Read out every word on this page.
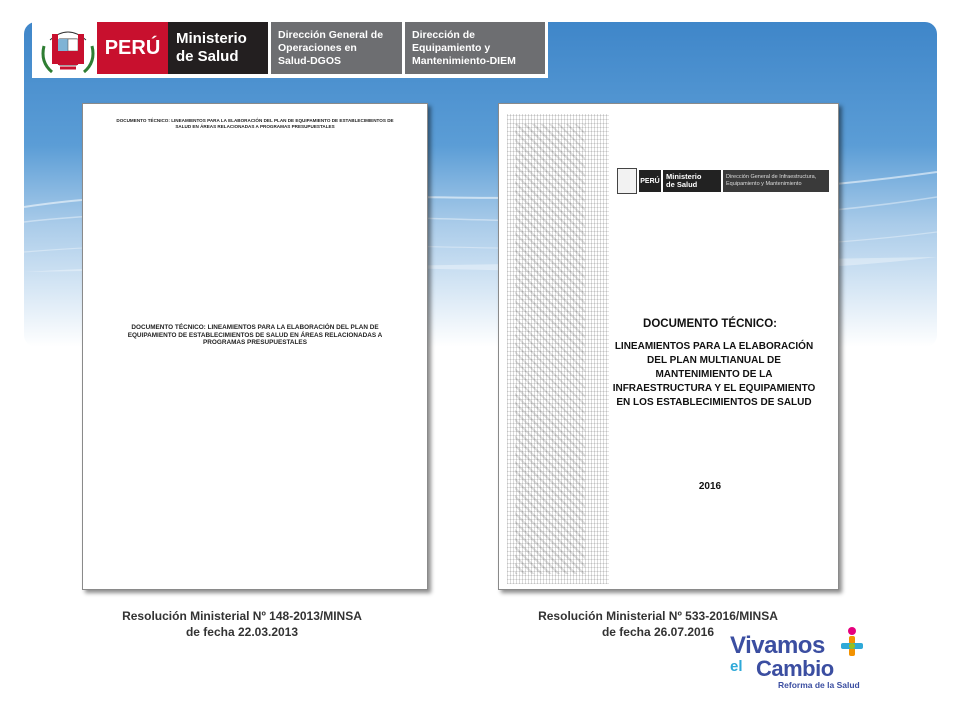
PERÚ	Ministerio
de Salud
Dirección General de
Operaciones en
Salud-DGOS
Dirección de
Equipamiento y
Mantenimiento-DIEM
DOCUMENTO TÉCNICO: LINEAMIENTOS PARA LA ELABORACIÓN DEL PLAN DE EQUIPAMIENTO DE ESTABLECIMIENTOS DE SALUD EN ÁREAS RELACIONADAS A PROGRAMAS PRESUPUESTALES
DOCUMENTO TÉCNICO: LINEAMIENTOS PARA LA ELABORACIÓN DEL PLAN DE EQUIPAMIENTO DE ESTABLECIMIENTOS DE SALUD EN ÁREAS RELACIONADAS A PROGRAMAS PRESUPUESTALES
PERÚ Ministerio
de Salud
Dirección General de Infraestructura,
Equipamiento y Mantenimiento
DOCUMENTO TÉCNICO:
LINEAMIENTOS PARA LA ELABORACIÓN DEL PLAN MULTIANUAL DE MANTENIMIENTO DE LA INFRAESTRUCTURA Y EL EQUIPAMIENTO EN LOS ESTABLECIMIENTOS DE SALUD
2016
Resolución Ministerial Nº 148-2013/MINSA
de fecha 22.03.2013
Resolución Ministerial Nº 533-2016/MINSA
de fecha 26.07.2016 Vivamos
el Cambio
Reforma de la Salud
